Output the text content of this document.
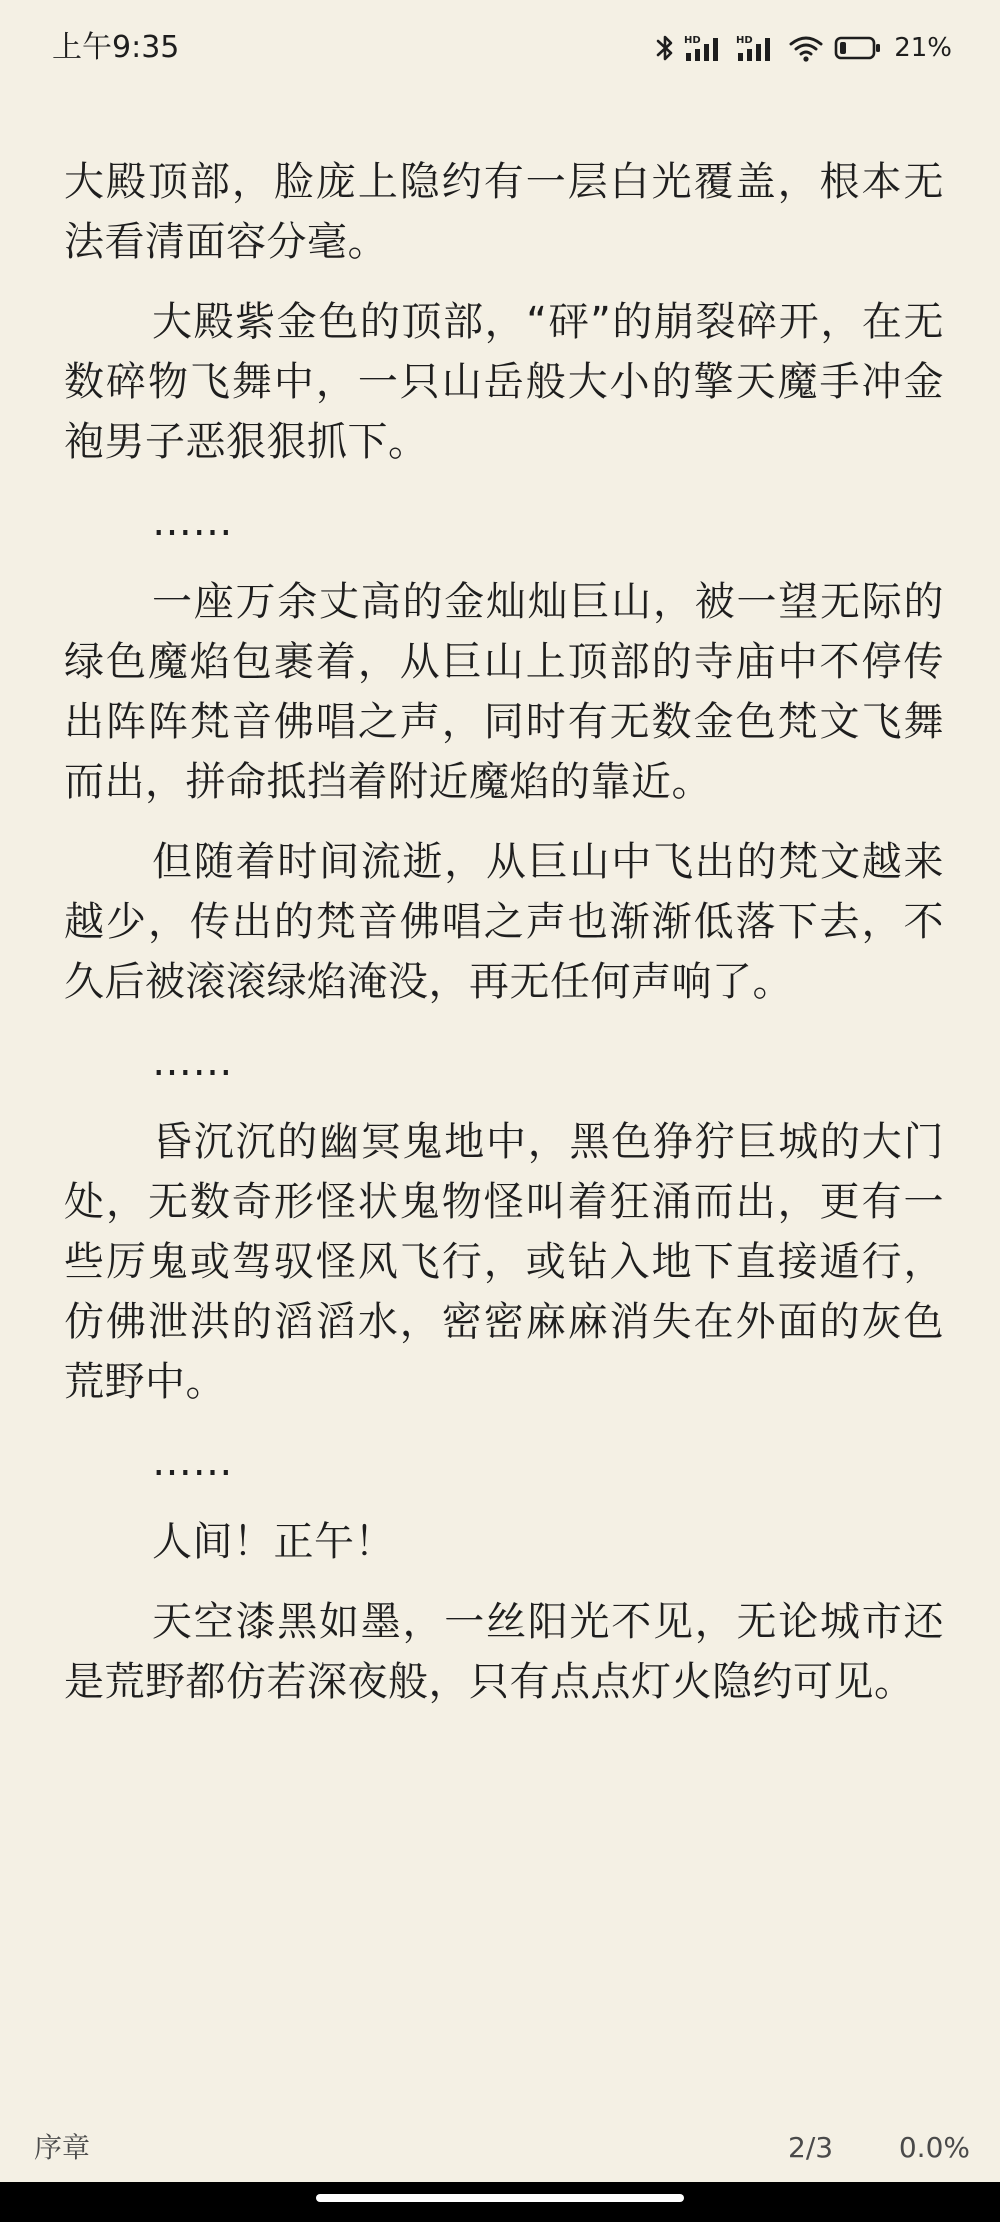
上午9:35	HD	HD	21%

大殿顶部，脸庞上隐约有一层白光覆盖，根本无法看清面容分毫。

大殿紫金色的顶部，“砰”的崩裂碎开，在无数碎物飞舞中，一只山岳般大小的擎天魔手冲金袍男子恶狠狠抓下。

……

一座万余丈高的金灿灿巨山，被一望无际的绿色魔焰包裹着，从巨山上顶部的寺庙中不停传出阵阵梵音佛唱之声，同时有无数金色梵文飞舞而出，拼命抵挡着附近魔焰的靠近。

但随着时间流逝，从巨山中飞出的梵文越来越少，传出的梵音佛唱之声也渐渐低落下去，不久后被滚滚绿焰淹没，再无任何声响了。

……

昏沉沉的幽冥鬼地中，黑色狰狞巨城的大门处，无数奇形怪状鬼物怪叫着狂涌而出，更有一些厉鬼或驾驭怪风飞行，或钻入地下直接遁行，仿佛泄洪的滔滔水，密密麻麻消失在外面的灰色荒野中。

……

人间！正午！

天空漆黑如墨，一丝阳光不见，无论城市还是荒野都仿若深夜般，只有点点灯火隐约可见。

序章	2/3 0.0%
